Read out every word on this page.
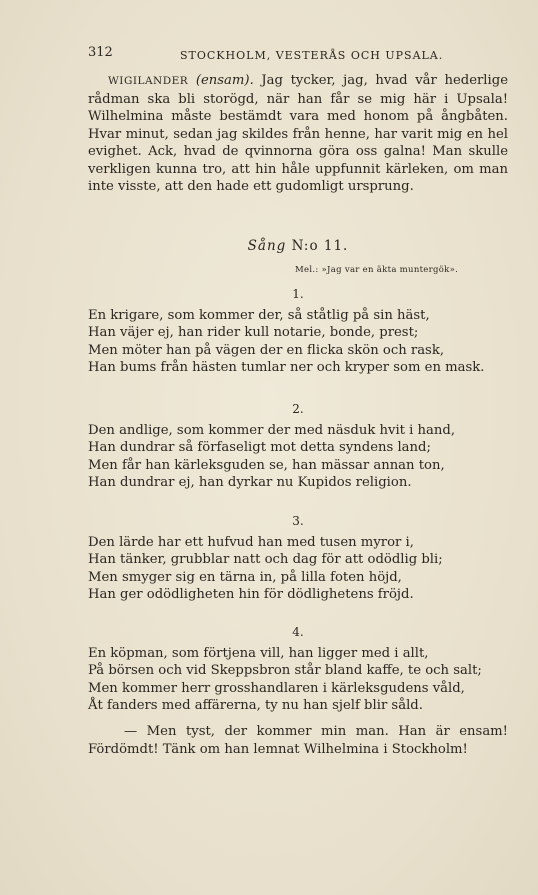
312	STOCKHOLM, VESTERÅS OCH UPSALA.

WIGILANDER (ensam). Jag tycker, jag, hvad vår hederlige rådman ska bli storögd, när han får se mig här i Upsala! Wilhelmina måste bestämdt vara med honom på ångbåten. Hvar minut, sedan jag skildes från henne, har varit mig en hel evighet. Ack, hvad de qvinnorna göra oss galna! Man skulle verkligen kunna tro, att hin håle uppfunnit kärleken, om man inte visste, att den hade ett gudomligt ursprung.

Sång N:o 11.
Mel.: »Jag var en äkta muntergök».
1.
En krigare, som kommer der, så ståtlig på sin häst,
Han väjer ej, han rider kull notarie, bonde, prest;
Men möter han på vägen der en flicka skön och rask,
Han bums från hästen tumlar ner och kryper som en mask.
2.
Den andlige, som kommer der med näsduk hvit i hand,
Han dundrar så förfaseligt mot detta syndens land;
Men får han kärleksguden se, han mässar annan ton,
Han dundrar ej, han dyrkar nu Kupidos religion.
3.
Den lärde har ett hufvud han med tusen myror i,
Han tänker, grubblar natt och dag för att odödlig bli;
Men smyger sig en tärna in, på lilla foten höjd,
Han ger odödligheten hin för dödlighetens fröjd.
4.
En köpman, som förtjena vill, han ligger med i allt,
På börsen och vid Skeppsbron står bland kaffe, te och salt;
Men kommer herr grosshandlaren i kärleksgudens våld,
Åt fanders med affärerna, ty nu han sjelf blir såld.

— Men tyst, der kommer min man. Han är ensam! Fördömdt! Tänk om han lemnat Wilhelmina i Stockholm!
